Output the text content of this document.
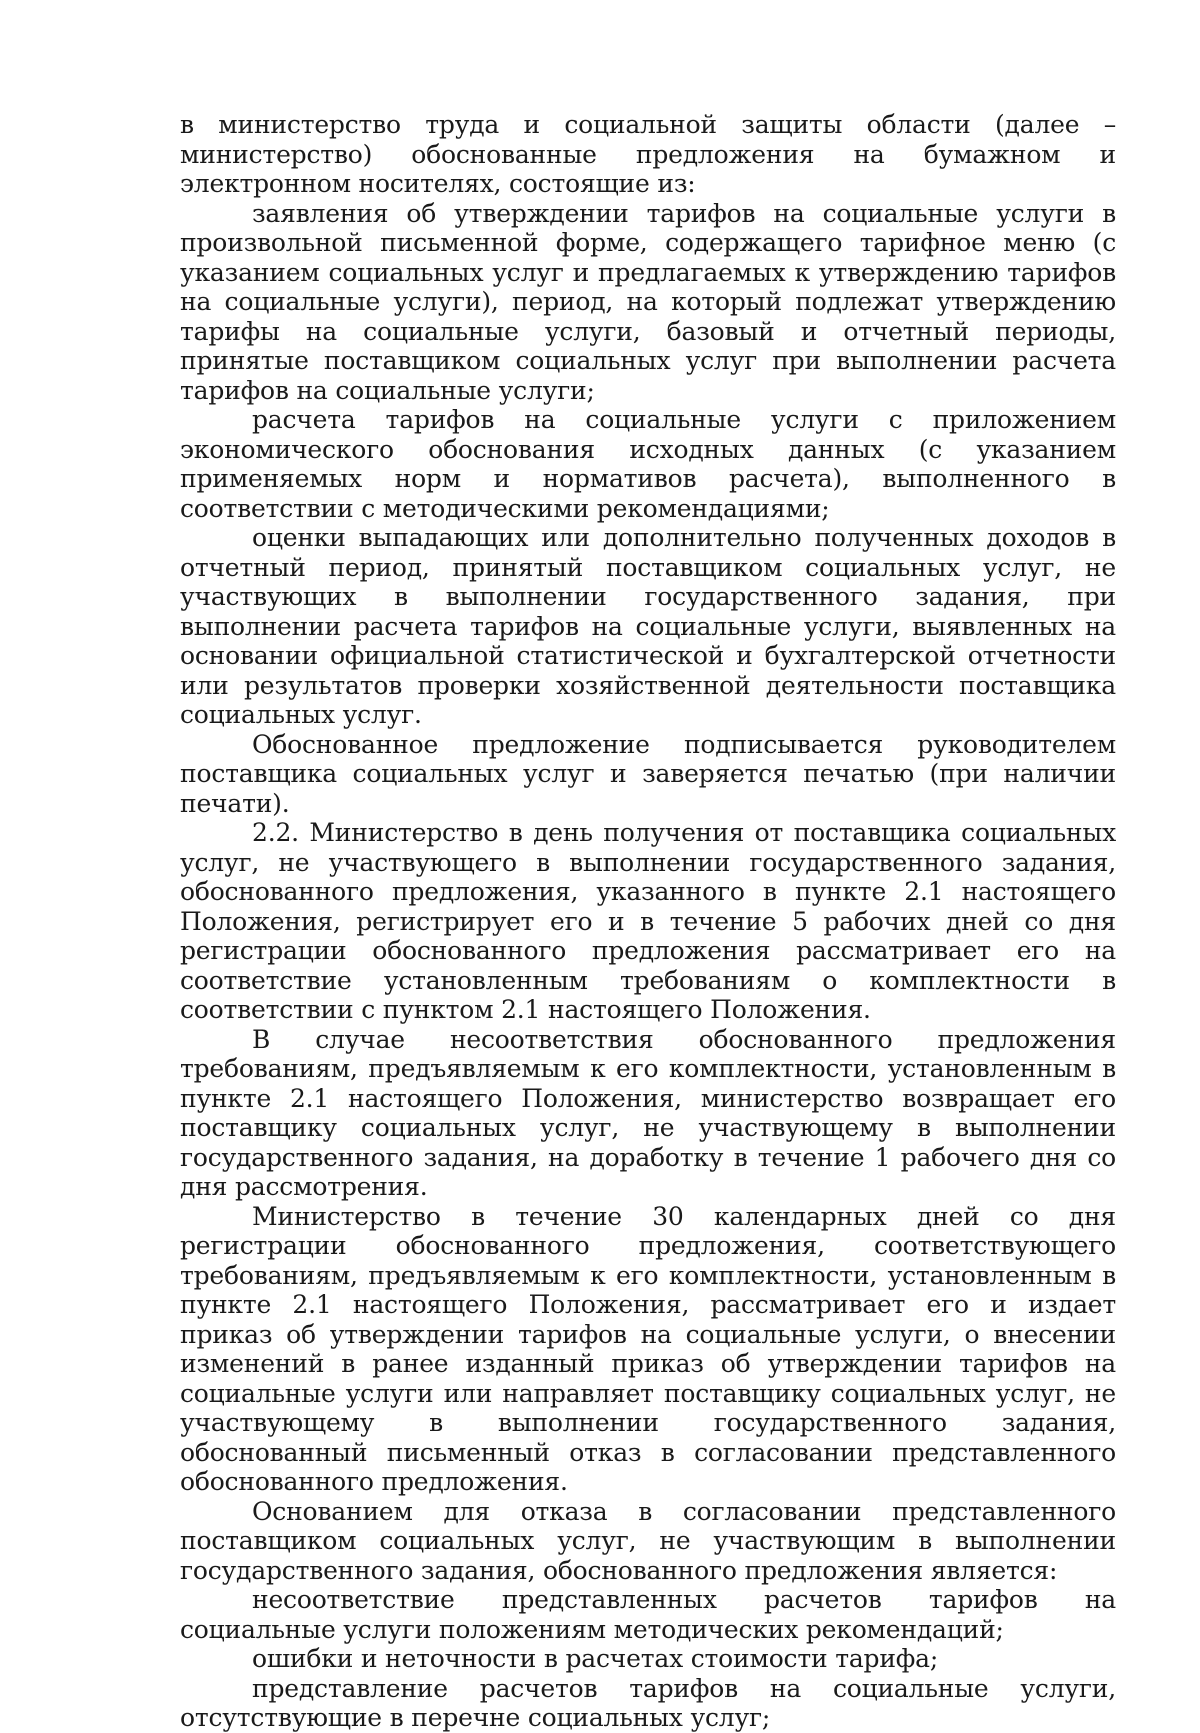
в министерство труда и социальной защиты области (далее – министерство) обоснованные предложения на бумажном и электронном носителях, состоящие из:

заявления об утверждении тарифов на социальные услуги в произвольной письменной форме, содержащего тарифное меню (с указанием социальных услуг и предлагаемых к утверждению тарифов на социальные услуги), период, на который подлежат утверждению тарифы на социальные услуги, базовый и отчетный периоды, принятые поставщиком социальных услуг при выполнении расчета тарифов на социальные услуги;

расчета тарифов на социальные услуги с приложением экономического обоснования исходных данных (с указанием применяемых норм и нормативов расчета), выполненного в соответствии с методическими рекомендациями;

оценки выпадающих или дополнительно полученных доходов в отчетный период, принятый поставщиком социальных услуг, не участвующих в выполнении государственного задания, при выполнении расчета тарифов на социальные услуги, выявленных на основании официальной статистической и бухгалтерской отчетности или результатов проверки хозяйственной деятельности поставщика социальных услуг.

Обоснованное предложение подписывается руководителем поставщика социальных услуг и заверяется печатью (при наличии печати).

2.2. Министерство в день получения от поставщика социальных услуг, не участвующего в выполнении государственного задания, обоснованного предложения, указанного в пункте 2.1 настоящего Положения, регистрирует его и в течение 5 рабочих дней со дня регистрации обоснованного предложения рассматривает его на соответствие установленным требованиям о комплектности в соответствии с пунктом 2.1 настоящего Положения.

В случае несоответствия обоснованного предложения требованиям, предъявляемым к его комплектности, установленным в пункте 2.1 настоящего Положения, министерство возвращает его поставщику социальных услуг, не участвующему в выполнении государственного задания, на доработку в течение 1 рабочего дня со дня рассмотрения.

Министерство в течение 30 календарных дней со дня регистрации обоснованного предложения, соответствующего требованиям, предъявляемым к его комплектности, установленным в пункте 2.1 настоящего Положения, рассматривает его и издает приказ об утверждении тарифов на социальные услуги, о внесении изменений в ранее изданный приказ об утверждении тарифов на социальные услуги или направляет поставщику социальных услуг, не участвующему в выполнении государственного задания, обоснованный письменный отказ в согласовании представленного обоснованного предложения.

Основанием для отказа в согласовании представленного поставщиком социальных услуг, не участвующим в выполнении государственного задания, обоснованного предложения является:

несоответствие представленных расчетов тарифов на социальные услуги положениям методических рекомендаций;

ошибки и неточности в расчетах стоимости тарифа;

представление расчетов тарифов на социальные услуги, отсутствующие в перечне социальных услуг;
